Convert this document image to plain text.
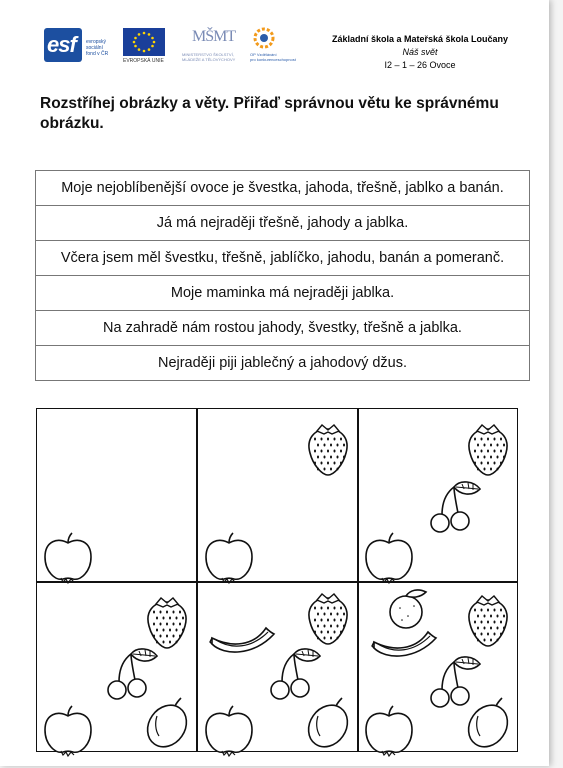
esf evropský
sociální
fond v ČR
EVROPSKÁ UNIE
MŠMT
MINISTERSTVO ŠKOLSTVÍ,
MLÁDEŽE A TĚLOVÝCHOVY
OP Vzdělávání
pro konkurenceschopnost
Základní škola a Mateřská škola Loučany
Náš svět
I2 – 1 – 26 Ovoce
Rozstříhej obrázky a věty. Přiřaď správnou větu ke správnému obrázku.
Moje nejoblíbenější ovoce je švestka, jahoda, třešně, jablko a banán.
Já má nejraději třešně, jahody a jablka.
Včera jsem měl švestku, třešně, jablíčko, jahodu, banán a pomeranč.
Moje maminka má nejraději jablka.
Na zahradě nám rostou jahody, švestky, třešně a jablka.
Nejraději piji jablečný a jahodový džus.
